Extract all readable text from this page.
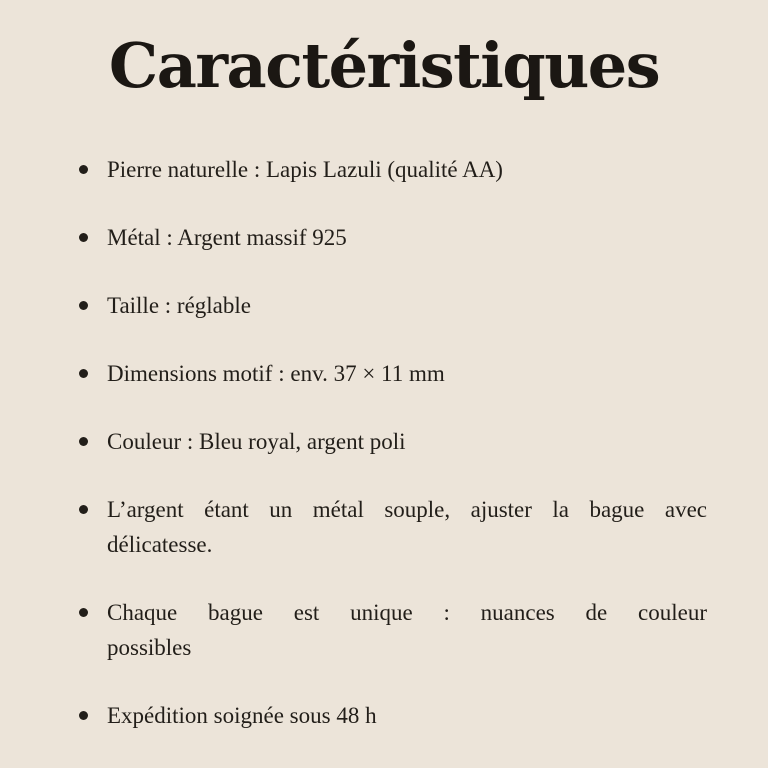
Caractéristiques
Pierre naturelle : Lapis Lazuli (qualité AA)
Métal : Argent massif 925
Taille : réglable
Dimensions motif : env. 37 × 11 mm
Couleur : Bleu royal, argent poli
L’argent étant un métal souple, ajuster la bague avec
délicatesse.
Chaque bague est unique : nuances de couleur
possibles
Expédition soignée sous 48 h
